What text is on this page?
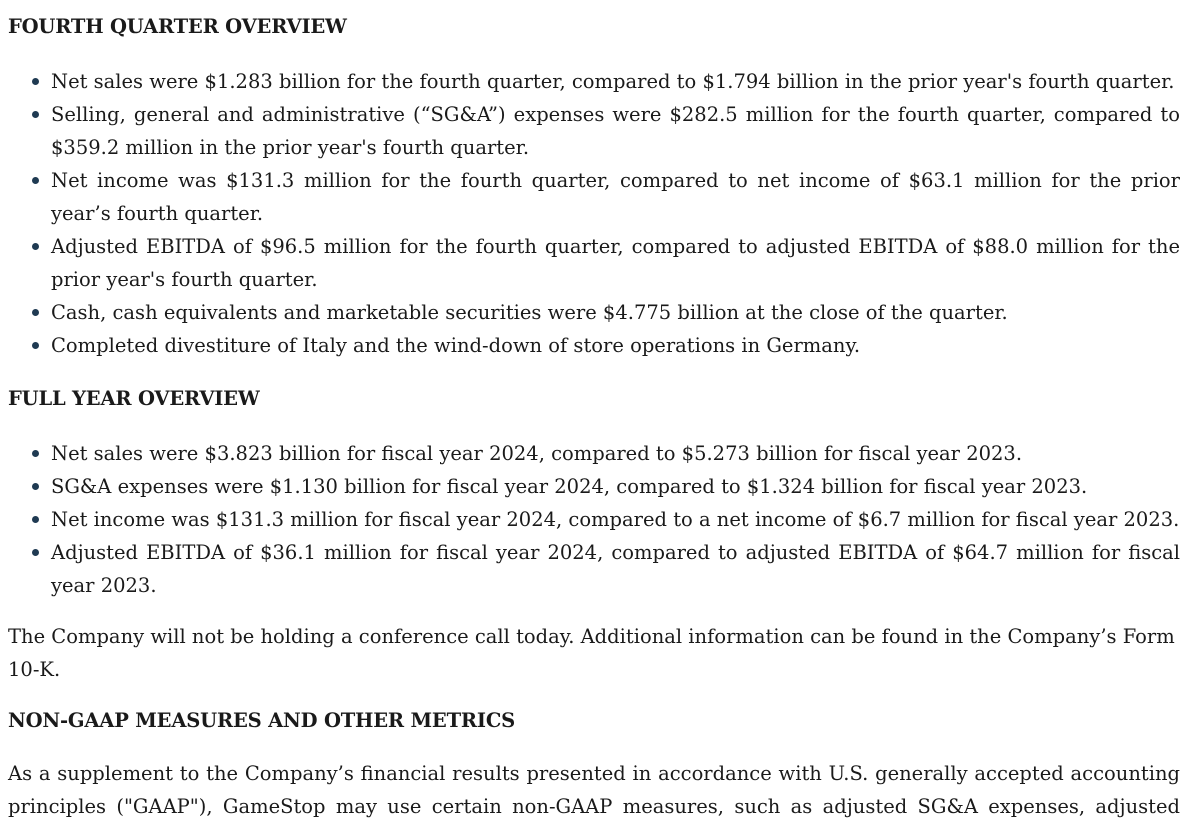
FOURTH QUARTER OVERVIEW
Net sales were $1.283 billion for the fourth quarter, compared to $1.794 billion in the prior year's fourth quarter.
Selling, general and administrative (“SG&A”) expenses were $282.5 million for the fourth quarter, compared to $359.2 million in the prior year's fourth quarter.
Net income was $131.3 million for the fourth quarter, compared to net income of $63.1 million for the prior year’s fourth quarter.
Adjusted EBITDA of $96.5 million for the fourth quarter, compared to adjusted EBITDA of $88.0 million for the prior year's fourth quarter.
Cash, cash equivalents and marketable securities were $4.775 billion at the close of the quarter.
Completed divestiture of Italy and the wind-down of store operations in Germany.
FULL YEAR OVERVIEW
Net sales were $3.823 billion for fiscal year 2024, compared to $5.273 billion for fiscal year 2023.
SG&A expenses were $1.130 billion for fiscal year 2024, compared to $1.324 billion for fiscal year 2023.
Net income was $131.3 million for fiscal year 2024, compared to a net income of $6.7 million for fiscal year 2023.
Adjusted EBITDA of $36.1 million for fiscal year 2024, compared to adjusted EBITDA of $64.7 million for fiscal year 2023.

The Company will not be holding a conference call today. Additional information can be found in the Company’s Form 10-K.

NON-GAAP MEASURES AND OTHER METRICS

As a supplement to the Company’s financial results presented in accordance with U.S. generally accepted accounting principles ("GAAP"), GameStop may use certain non-GAAP measures, such as adjusted SG&A expenses, adjusted
